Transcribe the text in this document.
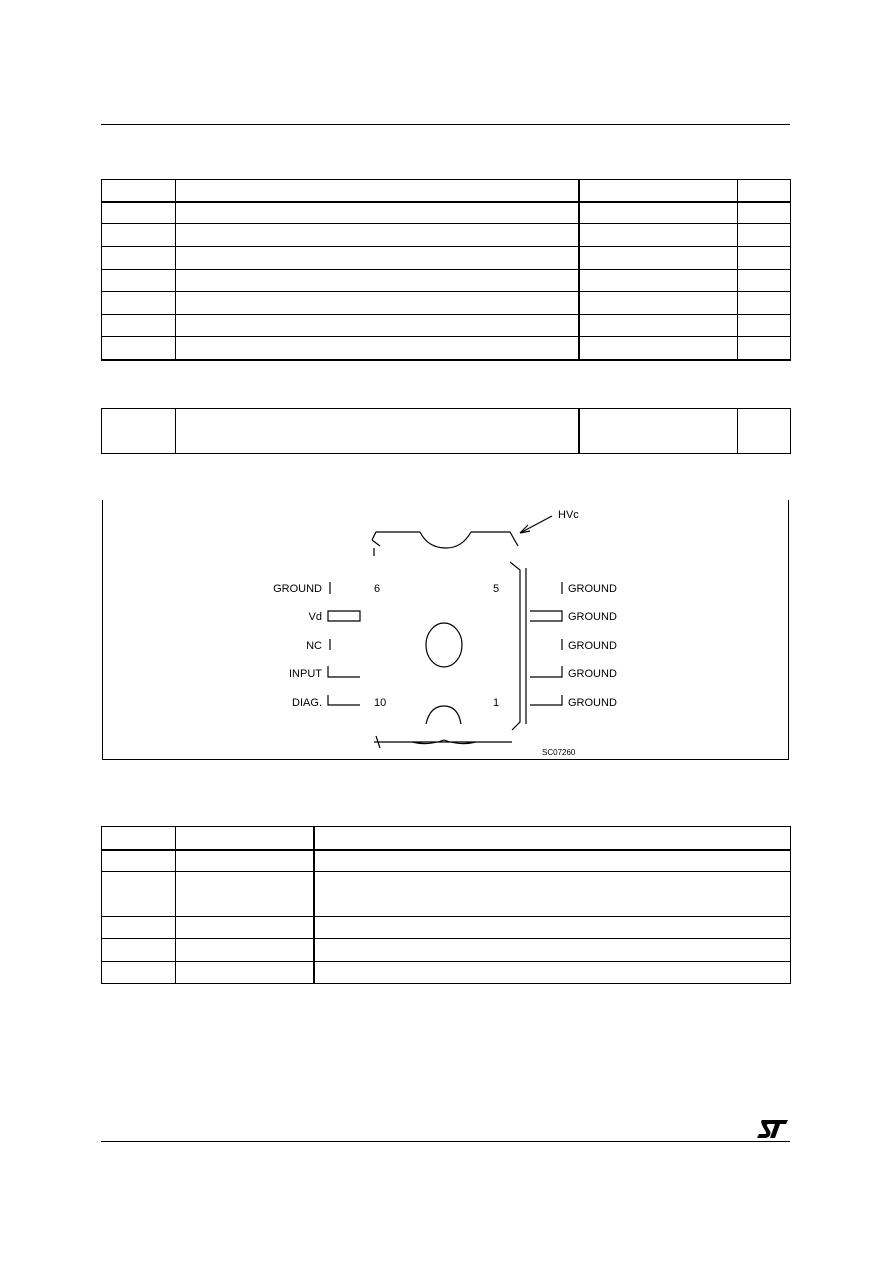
HVc
GROUND
Vd
NC
INPUT
DIAG.
GROUND
GROUND
GROUND
GROUND
GROUND
6	5
10	1
SC07260
